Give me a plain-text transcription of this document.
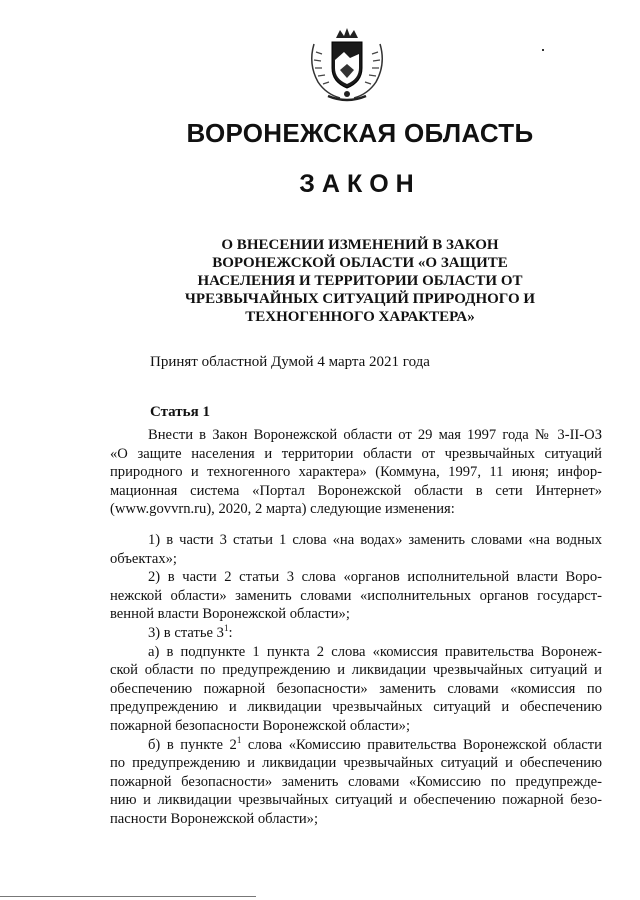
ВОРОНЕЖСКАЯ ОБЛАСТЬ
ЗАКОН
О ВНЕСЕНИИ ИЗМЕНЕНИЙ В ЗАКОН
ВОРОНЕЖСКОЙ ОБЛАСТИ «О ЗАЩИТЕ
НАСЕЛЕНИЯ И ТЕРРИТОРИИ ОБЛАСТИ ОТ
ЧРЕЗВЫЧАЙНЫХ СИТУАЦИЙ ПРИРОДНОГО И
ТЕХНОГЕННОГО ХАРАКТЕРА»
Принят областной Думой 4 марта 2021 года
Статья 1
Внести в Закон Воронежской области от 29 мая 1997 года № 3-II-ОЗ
«О защите населения и территории области от чрезвычайных ситуаций
природного и техногенного характера» (Коммуна, 1997, 11 июня; инфор-
мационная система «Портал Воронежской области в сети Интернет»
(www.govvrn.ru), 2020, 2 марта) следующие изменения:
1) в части 3 статьи 1 слова «на водах» заменить словами «на водных
объектах»;
2) в части 2 статьи 3 слова «органов исполнительной власти Воро-
нежской области» заменить словами «исполнительных органов государст-
венной власти Воронежской области»;
3) в статье $3^1$:
а) в подпункте 1 пункта 2 слова «комиссия правительства Воронеж-
ской области по предупреждению и ликвидации чрезвычайных ситуаций и
обеспечению пожарной безопасности» заменить словами «комиссия по
предупреждению и ликвидации чрезвычайных ситуаций и обеспечению
пожарной безопасности Воронежской области»;
б) в пункте $2^1$ слова «Комиссию правительства Воронежской области
по предупреждению и ликвидации чрезвычайных ситуаций и обеспечению
пожарной безопасности» заменить словами «Комиссию по предупрежде-
нию и ликвидации чрезвычайных ситуаций и обеспечению пожарной безо-
пасности Воронежской области»;
